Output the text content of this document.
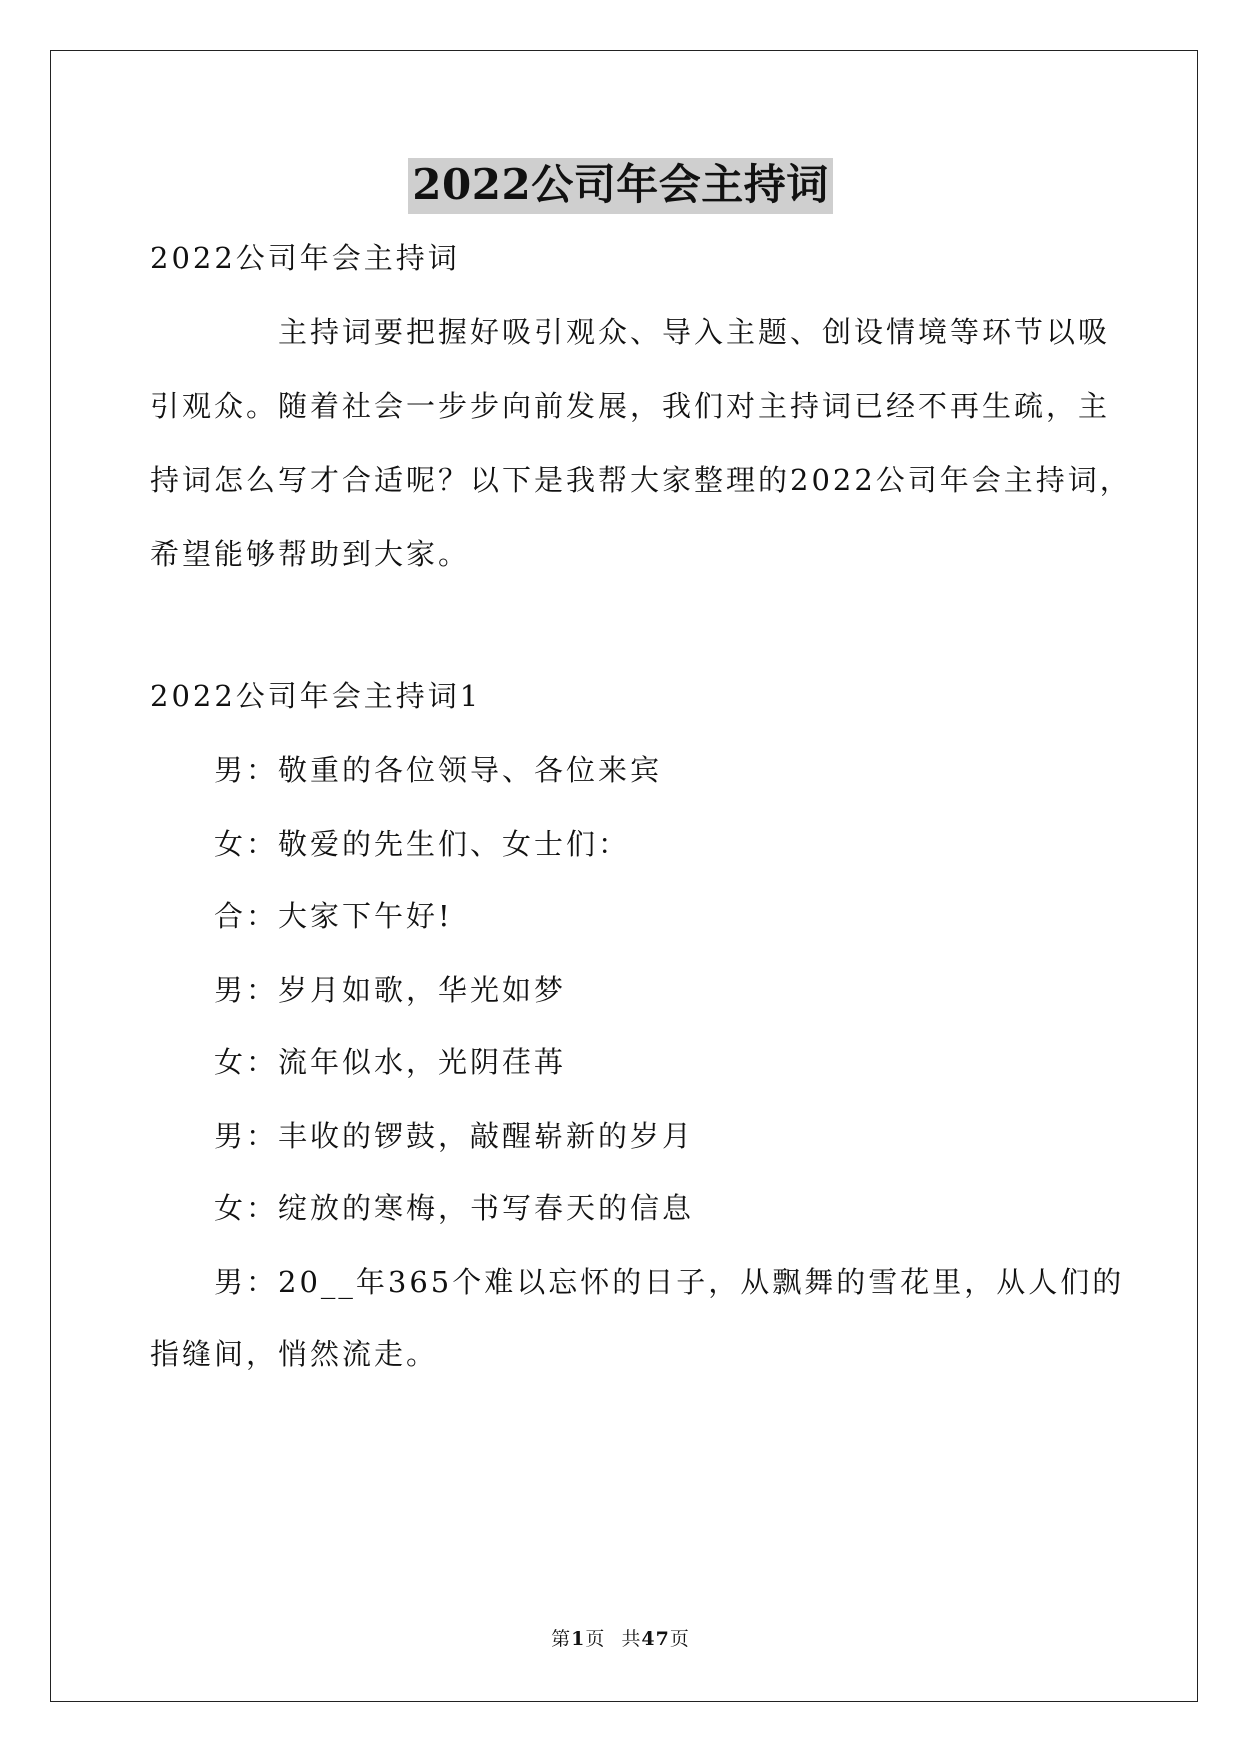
2022公司年会主持词

2022公司年会主持词

　　　　主持词要把握好吸引观众、导入主题、创设情境等环节以吸

引观众。随着社会一步步向前发展，我们对主持词已经不再生疏，主

持词怎么写才合适呢？以下是我帮大家整理的2022公司年会主持词，

希望能够帮助到大家。

2022公司年会主持词1

　　男：敬重的各位领导、各位来宾

　　女：敬爱的先生们、女士们：

　　合：大家下午好!

　　男：岁月如歌，华光如梦

　　女：流年似水，光阴荏苒

　　男：丰收的锣鼓，敲醒崭新的岁月

　　女：绽放的寒梅，书写春天的信息

　　男：20__年365个难以忘怀的日子，从飘舞的雪花里，从人们的

指缝间，悄然流走。

第1页 共47页
